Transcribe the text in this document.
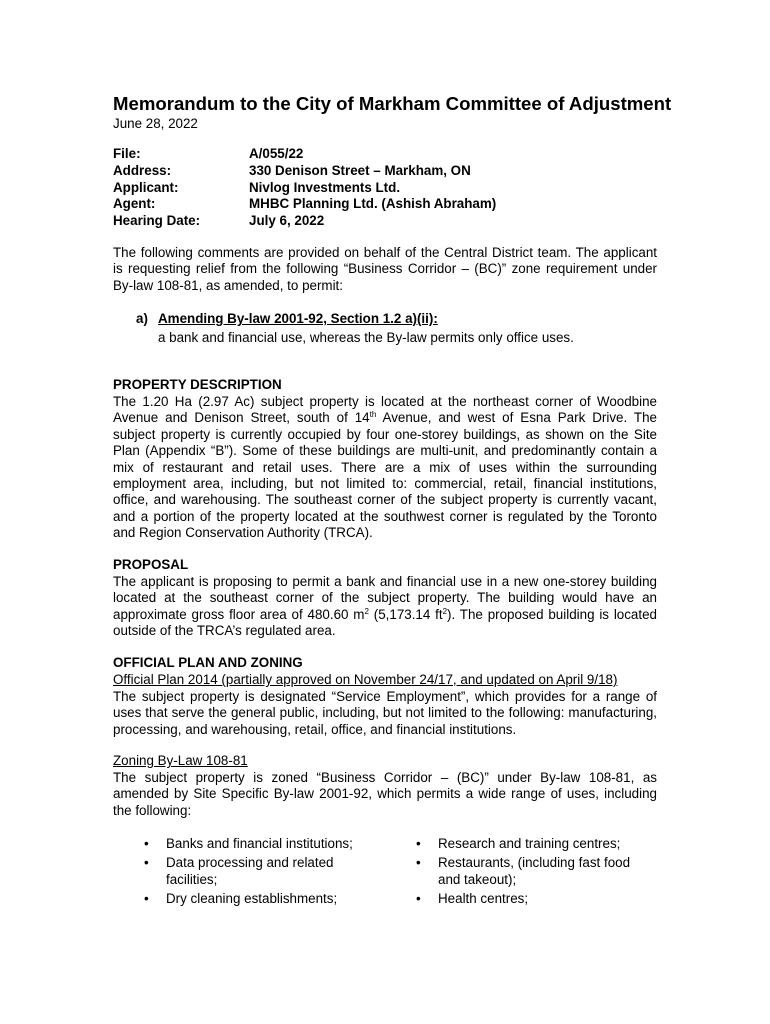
Memorandum to the City of Markham Committee of Adjustment
June 28, 2022
File:	A/055/22
Address:	330 Denison Street – Markham, ON
Applicant:	Nivlog Investments Ltd.
Agent:	MHBC Planning Ltd. (Ashish Abraham)
Hearing Date:	July 6, 2022
The following comments are provided on behalf of the Central District team. The applicant is requesting relief from the following “Business Corridor – (BC)” zone requirement under By-law 108-81, as amended, to permit:
a) Amending By-law 2001-92, Section 1.2 a)(ii):
a bank and financial use, whereas the By-law permits only office uses.
PROPERTY DESCRIPTION
The 1.20 Ha (2.97 Ac) subject property is located at the northeast corner of Woodbine Avenue and Denison Street, south of 14th Avenue, and west of Esna Park Drive. The subject property is currently occupied by four one-storey buildings, as shown on the Site Plan (Appendix “B”). Some of these buildings are multi-unit, and predominantly contain a mix of restaurant and retail uses. There are a mix of uses within the surrounding employment area, including, but not limited to: commercial, retail, financial institutions, office, and warehousing. The southeast corner of the subject property is currently vacant, and a portion of the property located at the southwest corner is regulated by the Toronto and Region Conservation Authority (TRCA).
PROPOSAL
The applicant is proposing to permit a bank and financial use in a new one-storey building located at the southeast corner of the subject property. The building would have an approximate gross floor area of 480.60 $m^2$ (5,173.14 $ft^2$). The proposed building is located outside of the TRCA’s regulated area.
OFFICIAL PLAN AND ZONING
Official Plan 2014 (partially approved on November 24/17, and updated on April 9/18)
The subject property is designated “Service Employment”, which provides for a range of uses that serve the general public, including, but not limited to the following: manufacturing, processing, and warehousing, retail, office, and financial institutions.
Zoning By-Law 108-81
The subject property is zoned “Business Corridor – (BC)” under By-law 108-81, as amended by Site Specific By-law 2001-92, which permits a wide range of uses, including the following:
• Banks and financial institutions;
• Data processing and related facilities;
• Dry cleaning establishments;
• Research and training centres;
• Restaurants, (including fast food and takeout);
• Health centres;
